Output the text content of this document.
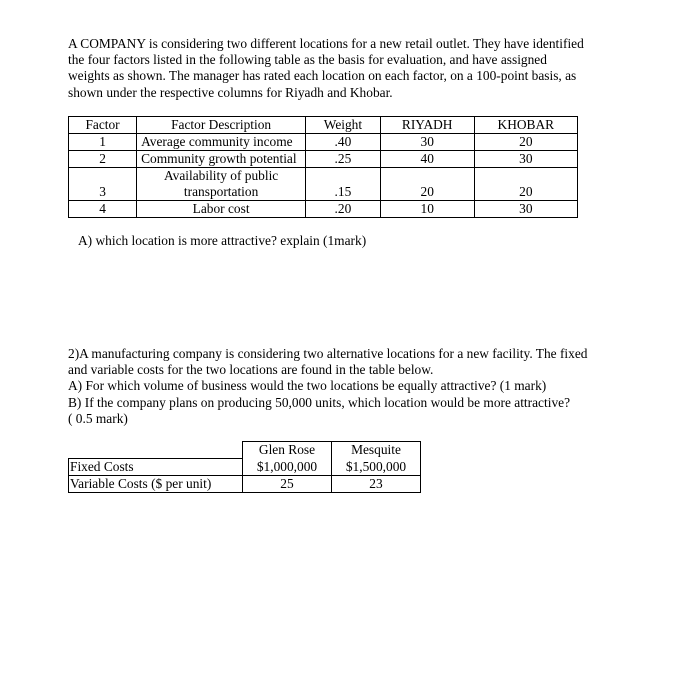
A COMPANY is considering two different locations for a new retail outlet. They have identified

the four factors listed in the following table as the basis for evaluation, and have assigned

weights as shown. The manager has rated each location on each factor, on a 100-point basis, as

shown under the respective columns for Riyadh and Khobar.

Factor	Factor Description	Weight	RIYADH	KHOBAR
1	Average community income	.40	30	20
2	Community growth potential	.25	40	30
3	Availability of public
transportation	.15	20	20
4	Labor cost	.20	10	30
A) which location is more attractive? explain (1mark)

2)A manufacturing company is considering two alternative locations for a new facility. The fixed

and variable costs for the two locations are found in the table below.

A) For which volume of business would the two locations be equally attractive? (1 mark)

B) If the company plans on producing 50,000 units, which location would be more attractive?

( 0.5 mark)

	Glen Rose	Mesquite
Fixed Costs	$1,000,000	$1,500,000
Variable Costs ($ per unit)	25	23
